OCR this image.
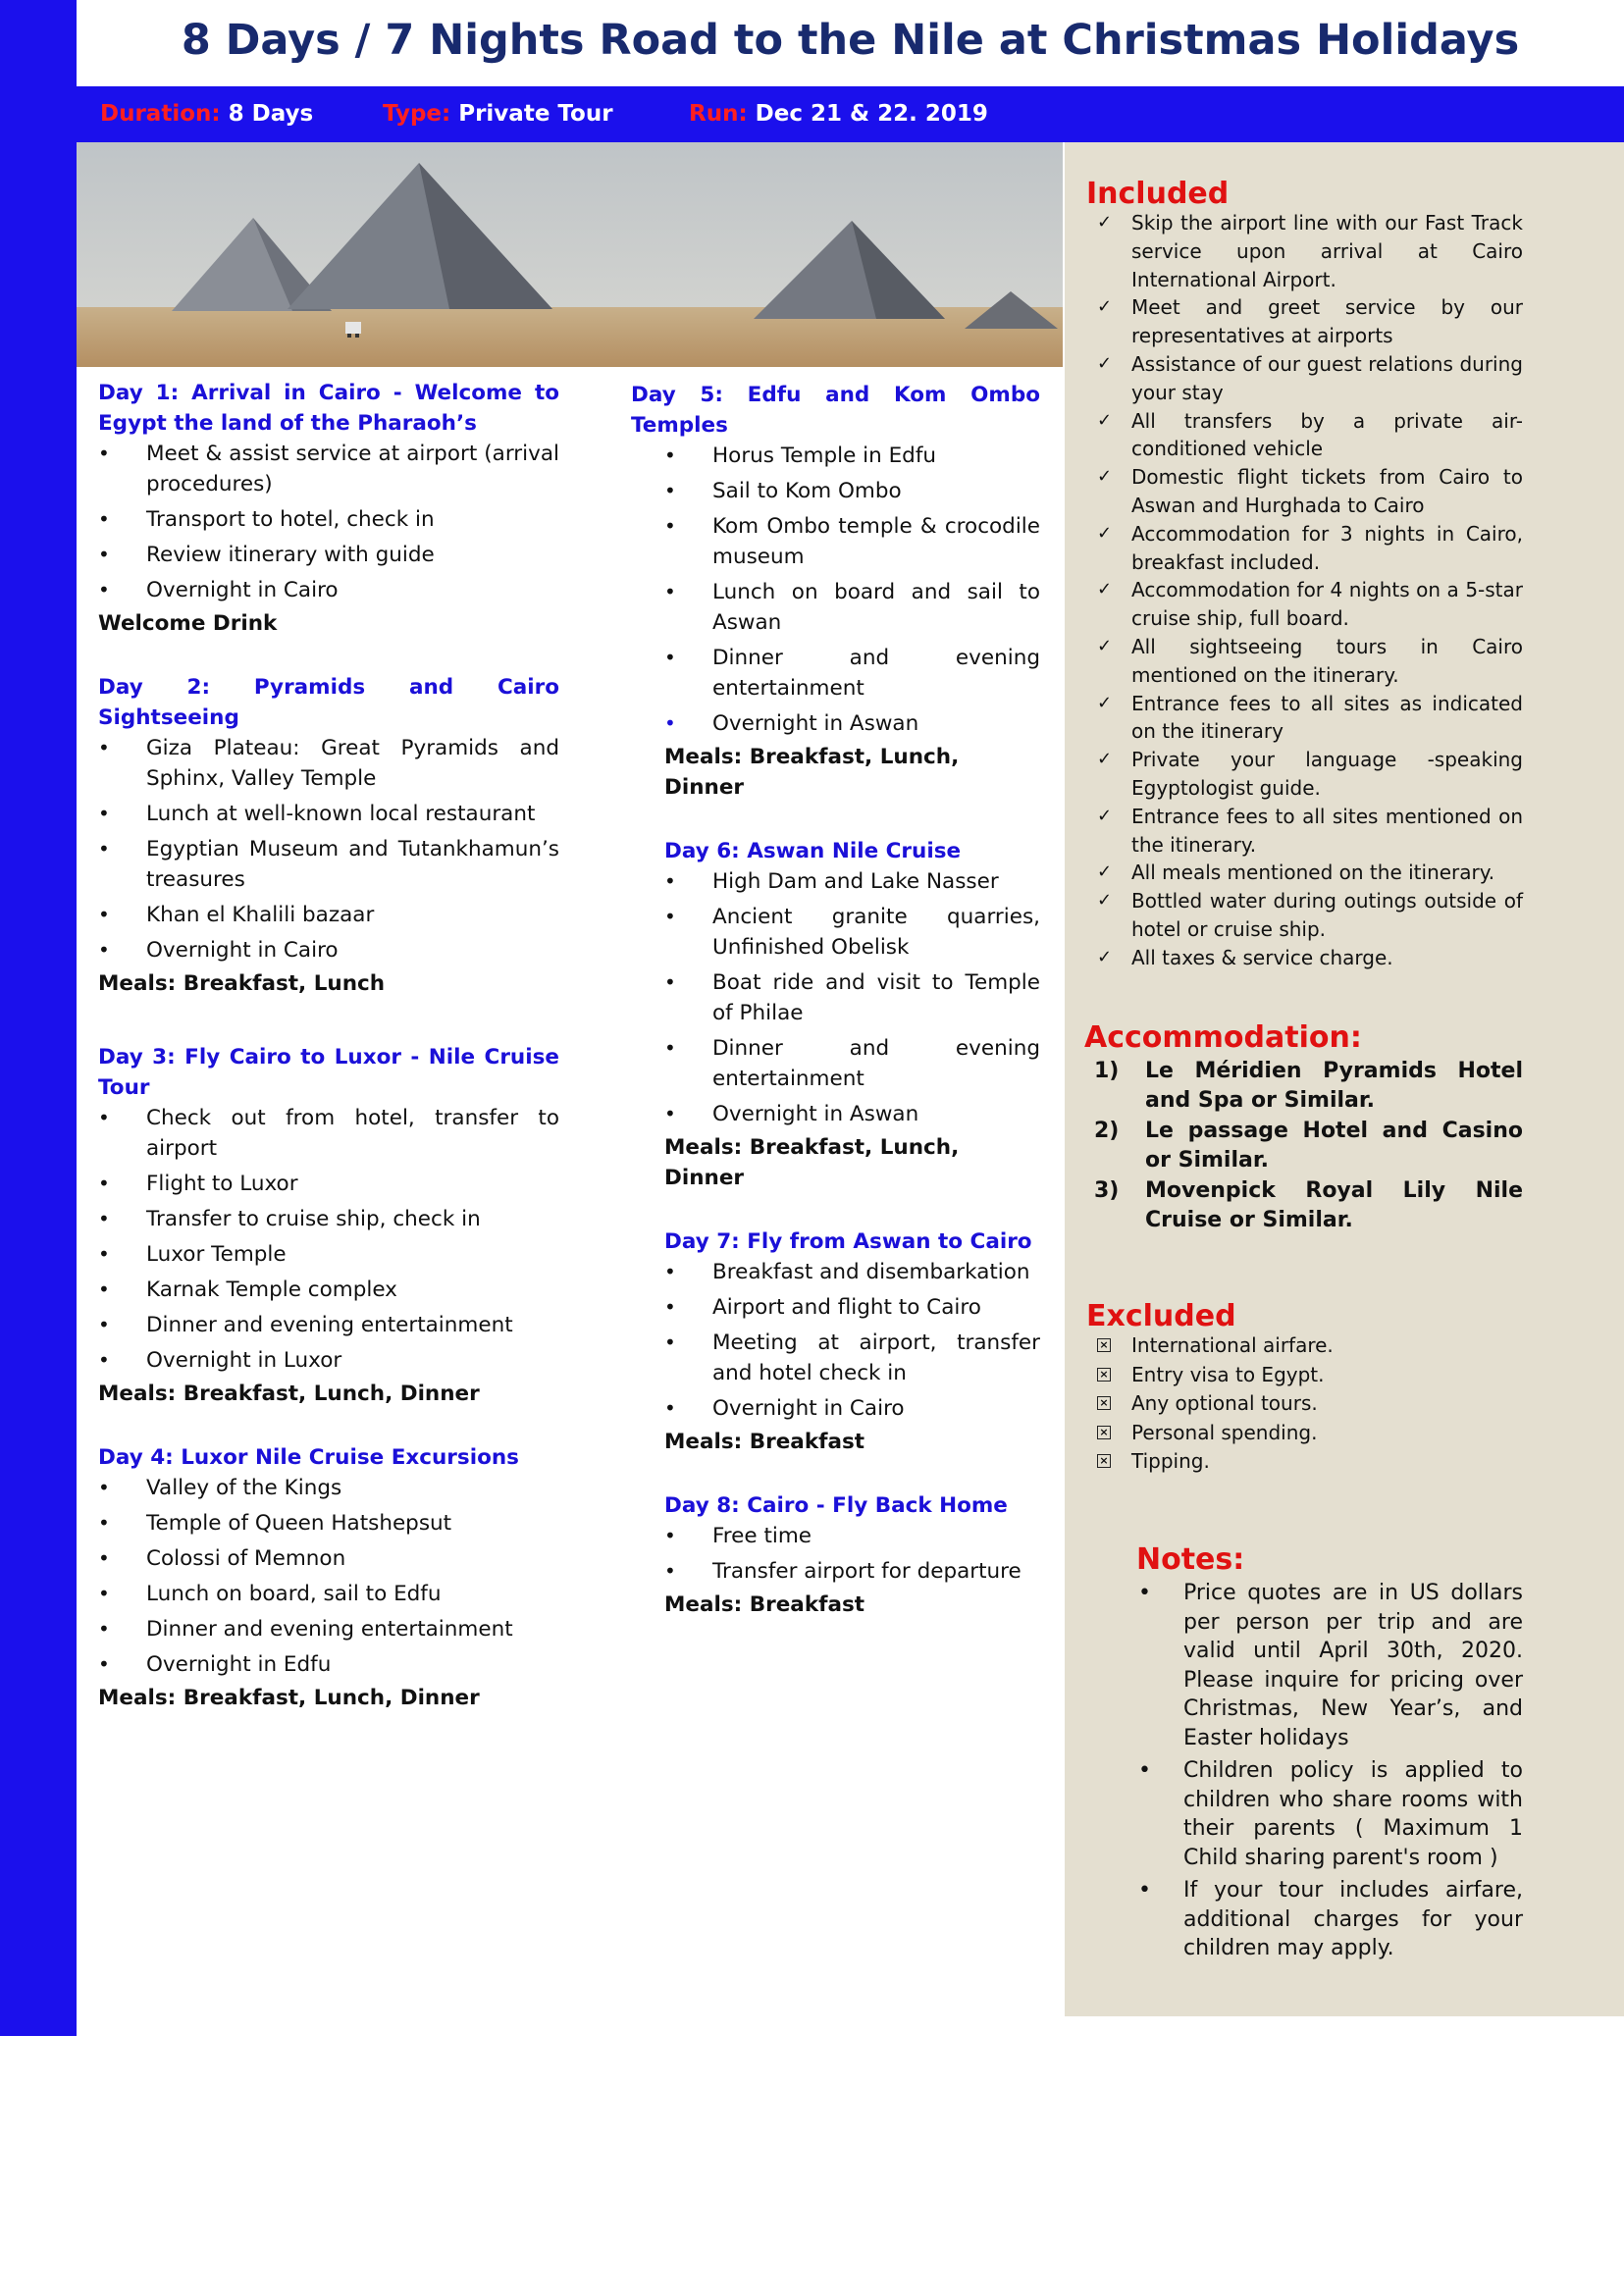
8 Days / 7 Nights Road to the Nile at Christmas Holidays
Duration: 8 Days	Type: Private Tour	Run: Dec 21 & 22. 2019
Day 1: Arrival in Cairo - Welcome to Egypt the land of the Pharaoh’s
• Meet & assist service at airport (arrival procedures)
• Transport to hotel, check in
• Review itinerary with guide
• Overnight in Cairo
Welcome Drink
Day 2: Pyramids and Cairo Sightseeing
• Giza Plateau: Great Pyramids and Sphinx, Valley Temple
• Lunch at well-known local restaurant
• Egyptian Museum and Tutankhamun’s treasures
• Khan el Khalili bazaar
• Overnight in Cairo
Meals: Breakfast, Lunch
Day 3: Fly Cairo to Luxor - Nile Cruise Tour
• Check out from hotel, transfer to airport
• Flight to Luxor
• Transfer to cruise ship, check in
• Luxor Temple
• Karnak Temple complex
• Dinner and evening entertainment
• Overnight in Luxor
Meals: Breakfast, Lunch, Dinner
Day 4: Luxor Nile Cruise Excursions
• Valley of the Kings
• Temple of Queen Hatshepsut
• Colossi of Memnon
• Lunch on board, sail to Edfu
• Dinner and evening entertainment
• Overnight in Edfu
Meals: Breakfast, Lunch, Dinner
Day 5: Edfu and Kom Ombo Temples
• Horus Temple in Edfu
• Sail to Kom Ombo
• Kom Ombo temple & crocodile museum
• Lunch on board and sail to Aswan
• Dinner and evening entertainment
• Overnight in Aswan
Meals: Breakfast, Lunch, Dinner
Day 6: Aswan Nile Cruise
• High Dam and Lake Nasser
• Ancient granite quarries, Unfinished Obelisk
• Boat ride and visit to Temple of Philae
• Dinner and evening entertainment
• Overnight in Aswan
Meals: Breakfast, Lunch, Dinner
Day 7: Fly from Aswan to Cairo
• Breakfast and disembarkation
• Airport and flight to Cairo
• Meeting at airport, transfer and hotel check in
• Overnight in Cairo
Meals: Breakfast
Day 8: Cairo - Fly Back Home
• Free time
• Transfer airport for departure
Meals: Breakfast
Included
✓ Skip the airport line with our Fast Track service upon arrival at Cairo International Airport.
✓ Meet and greet service by our representatives at airports
✓ Assistance of our guest relations during your stay
✓ All transfers by a private air-conditioned vehicle
✓ Domestic flight tickets from Cairo to Aswan and Hurghada to Cairo
✓ Accommodation for 3 nights in Cairo, breakfast included.
✓ Accommodation for 4 nights on a 5-star cruise ship, full board.
✓ All sightseeing tours in Cairo mentioned on the itinerary.
✓ Entrance fees to all sites as indicated on the itinerary
✓ Private your language -speaking Egyptologist guide.
✓ Entrance fees to all sites mentioned on the itinerary.
✓ All meals mentioned on the itinerary.
✓ Bottled water during outings outside of hotel or cruise ship.
✓ All taxes & service charge.
Accommodation:
1) Le Méridien Pyramids Hotel and Spa or Similar.
2) Le passage Hotel and Casino or Similar.
3) Movenpick Royal Lily Nile Cruise or Similar.
Excluded
× International airfare.
× Entry visa to Egypt.
× Any optional tours.
× Personal spending.
× Tipping.
Notes:
• Price quotes are in US dollars per person per trip and are valid until April 30th, 2020. Please inquire for pricing over Christmas, New Year’s, and Easter holidays
• Children policy is applied to children who share rooms with their parents ( Maximum 1 Child sharing parent's room )
• If your tour includes airfare, additional charges for your children may apply.
